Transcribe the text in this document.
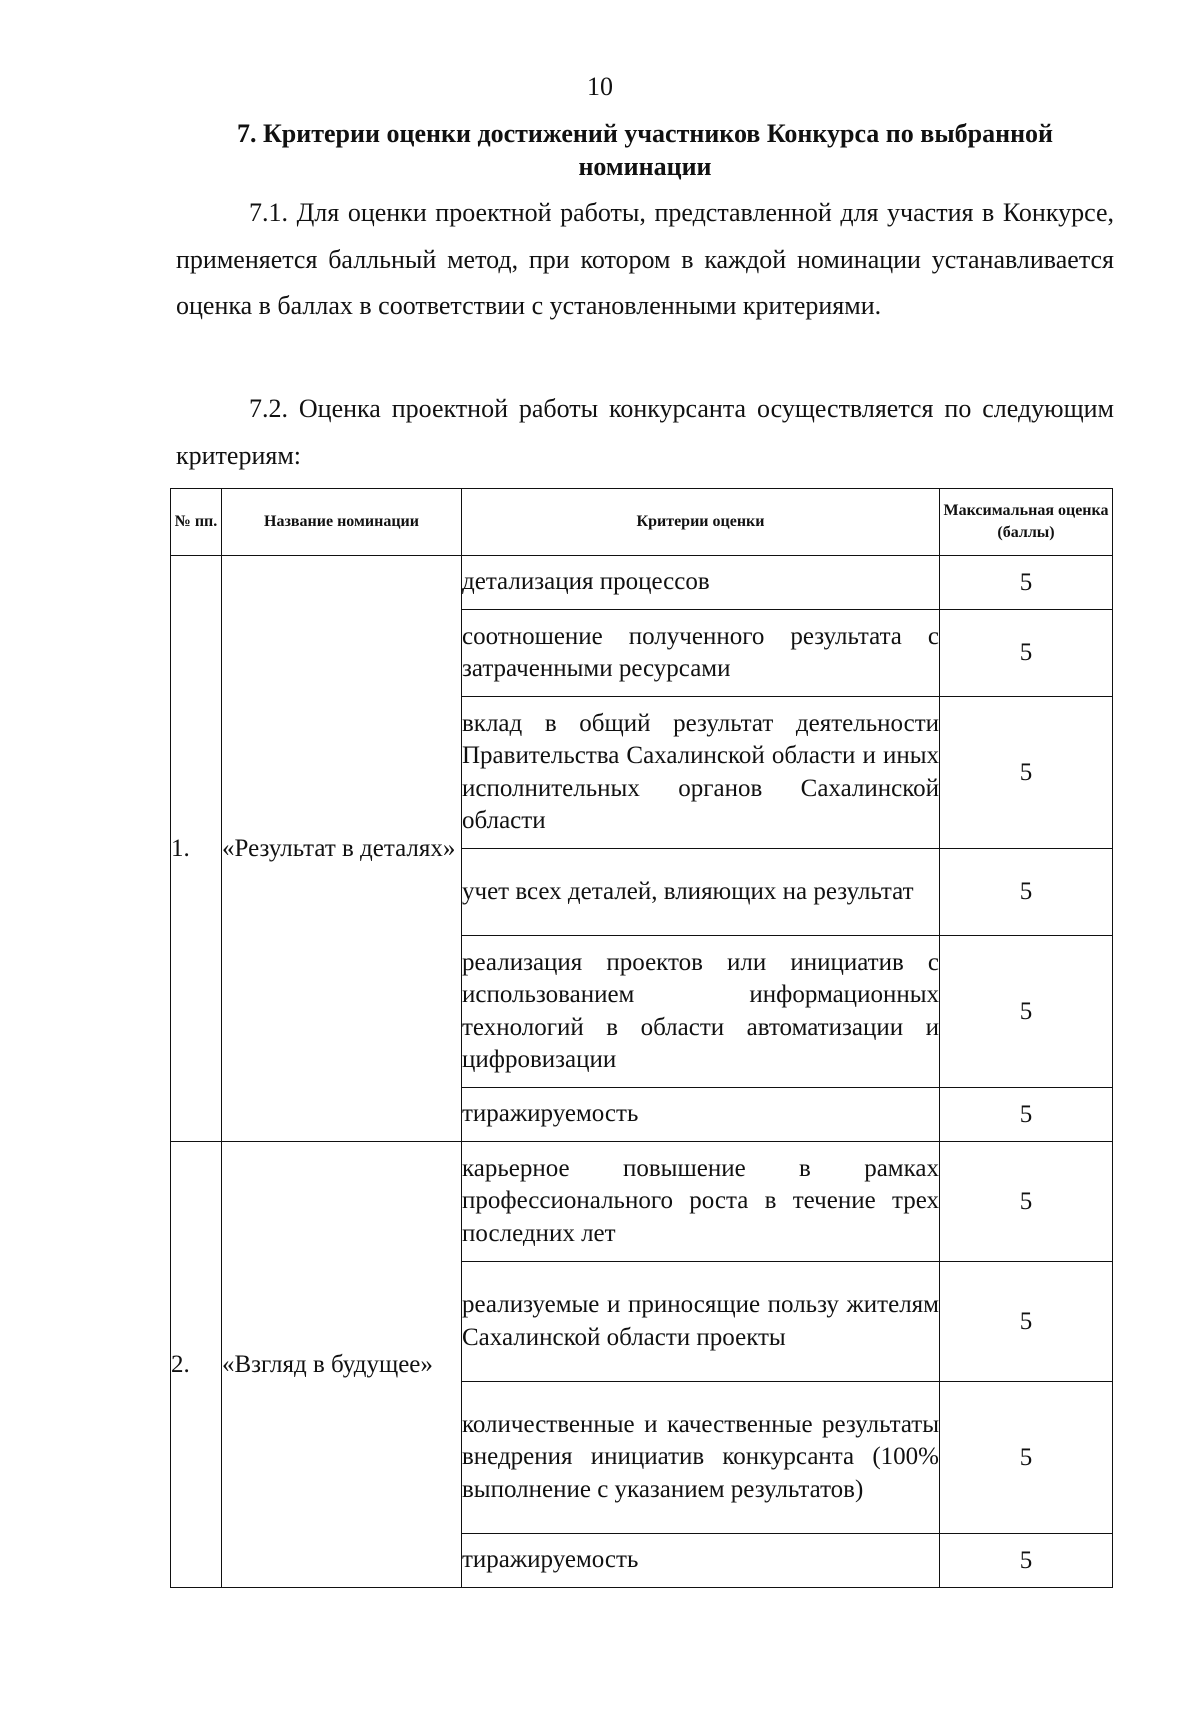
10
7. Критерии оценки достижений участников Конкурса по выбранной номинации

7.1. Для оценки проектной работы, представленной для участия в Конкурсе, применяется балльный метод, при котором в каждой номинации устанавливается оценка в баллах в соответствии с установленными критериями.

7.2. Оценка проектной работы конкурсанта осуществляется по следующим критериям:

№ пп.	Название номинации	Критерии оценки	Максимальная оценка (баллы)
1.	«Результат в деталях»	детализация процессов	5
		соотношение полученного результата с затраченными ресурсами	5
		вклад в общий результат деятельности Правительства Сахалинской области и иных исполнительных органов Сахалинской области	5
		учет всех деталей, влияющих на результат	5
		реализация проектов или инициатив с использованием информационных технологий в области автоматизации и цифровизации	5
		тиражируемость	5
2.	«Взгляд в будущее»	карьерное повышение в рамках профессионального роста в течение трех последних лет	5
		реализуемые и приносящие пользу жителям Сахалинской области проекты	5
		количественные и качественные результаты внедрения инициатив конкурсанта (100% выполнение с указанием результатов)	5
		тиражируемость	5
